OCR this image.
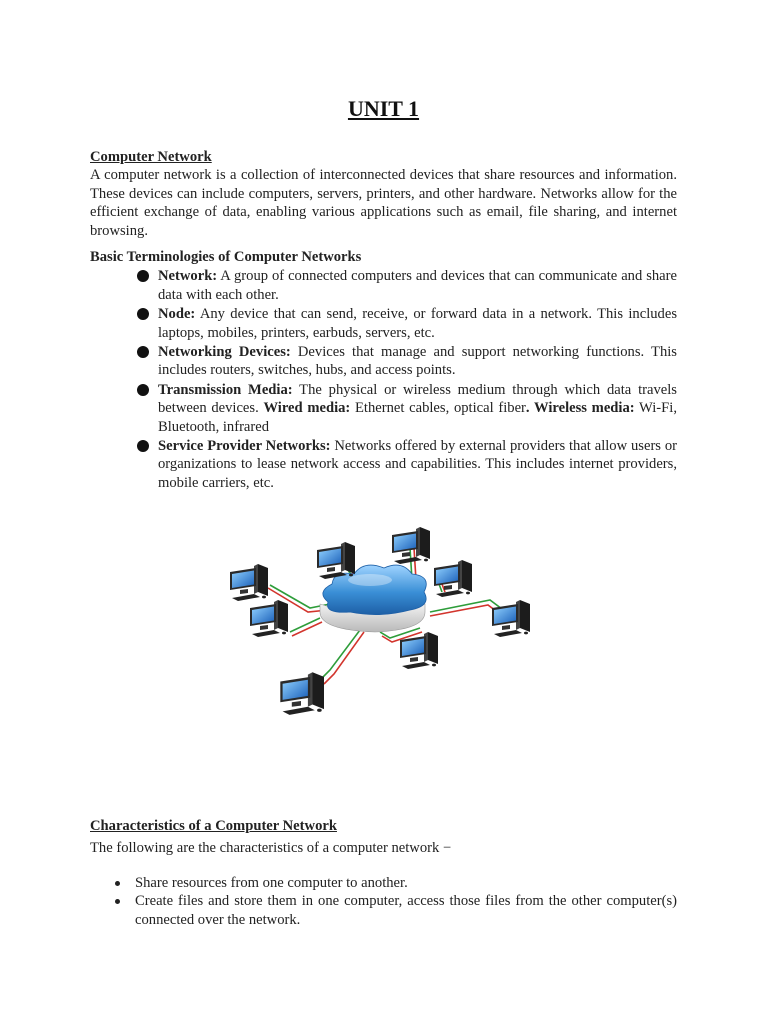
UNIT 1
Computer Network

A computer network is a collection of interconnected devices that share resources and information. These devices can include computers, servers, printers, and other hardware. Networks allow for the efficient exchange of data, enabling various applications such as email, file sharing, and internet browsing.

Basic Terminologies of Computer Networks
Network: A group of connected computers and devices that can communicate and share data with each other.
Node: Any device that can send, receive, or forward data in a network. This includes laptops, mobiles, printers, earbuds, servers, etc.
Networking Devices: Devices that manage and support networking functions. This includes routers, switches, hubs, and access points.
Transmission Media: The physical or wireless medium through which data travels between devices. Wired media: Ethernet cables, optical fiber. Wireless media: Wi-Fi, Bluetooth, infrared
Service Provider Networks: Networks offered by external providers that allow users or organizations to lease network access and capabilities. This includes internet providers, mobile carriers, etc.
Characteristics of a Computer Network
The following are the characteristics of a computer network −
Share resources from one computer to another.
Create files and store them in one computer, access those files from the other computer(s) connected over the network.
